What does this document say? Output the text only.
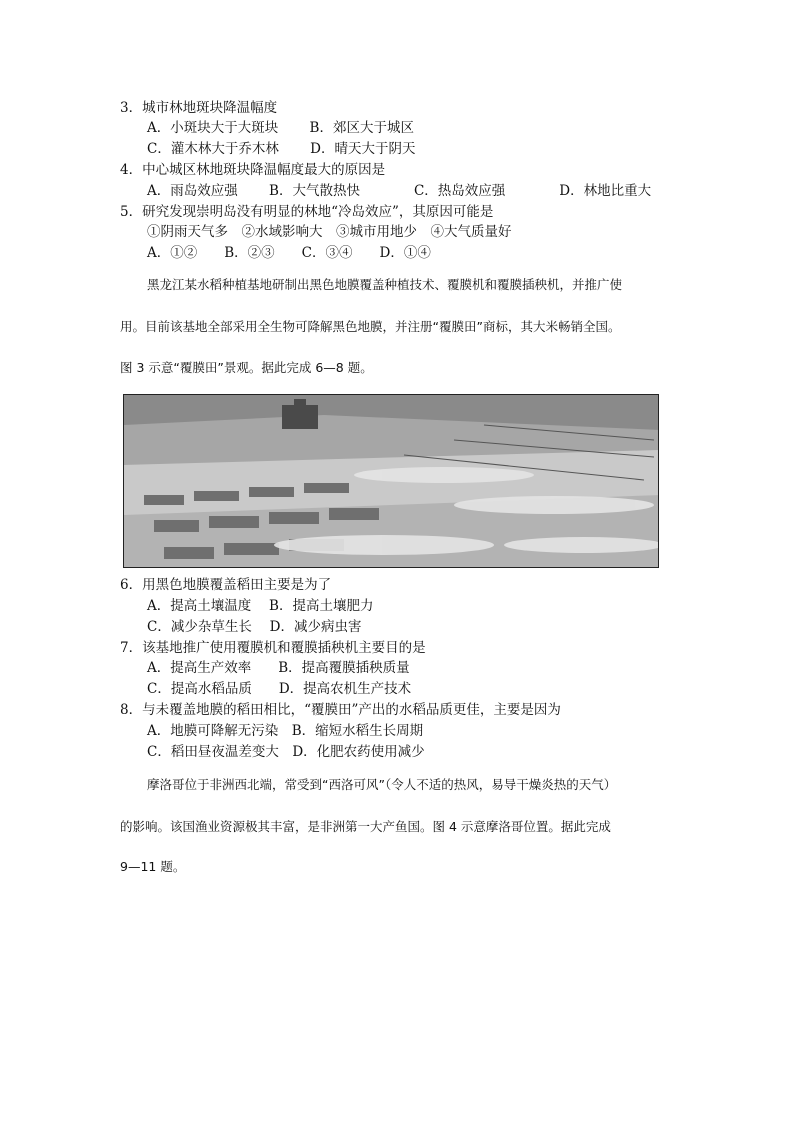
3．城市林地斑块降温幅度
A．小斑块大于大斑块　　 B．郊区大于城区
C．灌木林大于乔木林　　 D．晴天大于阴天
4．中心城区林地斑块降温幅度最大的原因是
A．雨岛效应强　　 B．大气散热快　　　　C．热岛效应强　　　　D．林地比重大
5．研究发现崇明岛没有明显的林地“冷岛效应”，其原因可能是
①阴雨天气多　②水域影响大　③城市用地少　④大气质量好
A．①②　　B．②③　　C．③④　　D．①④
黑龙江某水稻种植基地研制出黑色地膜覆盖种植技术、覆膜机和覆膜插秧机，并推广使
用。目前该基地全部采用全生物可降解黑色地膜，并注册“覆膜田”商标，其大米畅销全国。
图 3 示意“覆膜田”景观。据此完成 6—8 题。
6．用黑色地膜覆盖稻田主要是为了
A．提高土壤温度　 B．提高土壤肥力
C．减少杂草生长　 D．减少病虫害
7．该基地推广使用覆膜机和覆膜插秧机主要目的是
A．提高生产效率　　B．提高覆膜插秧质量
C．提高水稻品质　　D．提高农机生产技术
8．与未覆盖地膜的稻田相比，“覆膜田”产出的水稻品质更佳，主要是因为
A．地膜可降解无污染　B．缩短水稻生长周期
C．稻田昼夜温差变大　D．化肥农药使用减少
摩洛哥位于非洲西北端，常受到“西洛可风”（令人不适的热风，易导干燥炎热的天气）
的影响。该国渔业资源极其丰富，是非洲第一大产鱼国。图 4 示意摩洛哥位置。据此完成
9—11 题。
